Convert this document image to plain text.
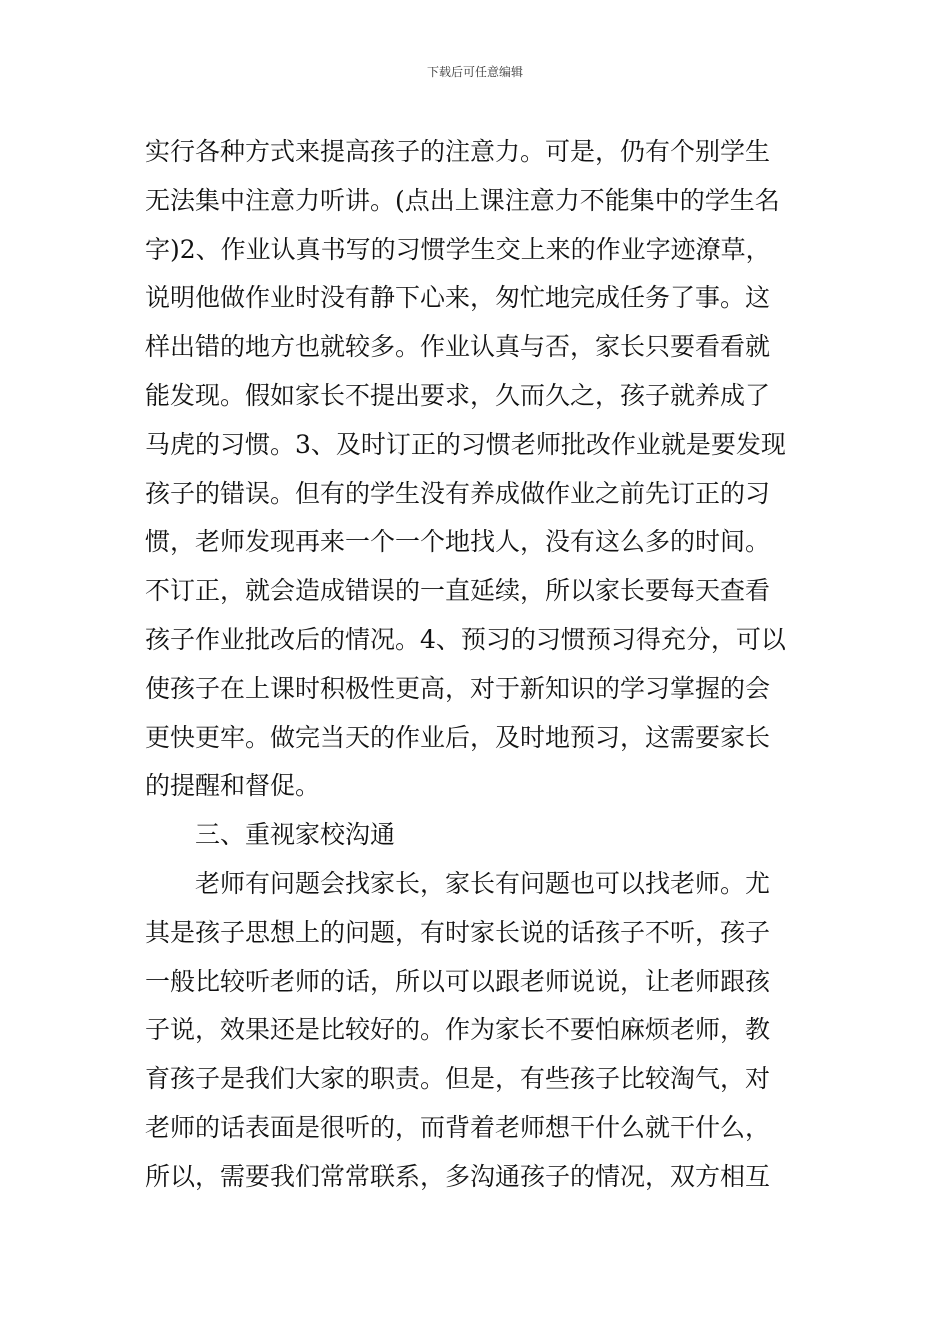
下载后可任意编辑
实行各种方式来提高孩子的注意力。可是，仍有个别学生
无法集中注意力听讲。(点出上课注意力不能集中的学生名
字)2、作业认真书写的习惯学生交上来的作业字迹潦草，
说明他做作业时没有静下心来，匆忙地完成任务了事。这
样出错的地方也就较多。作业认真与否，家长只要看看就
能发现。假如家长不提出要求，久而久之，孩子就养成了
马虎的习惯。3、及时订正的习惯老师批改作业就是要发现
孩子的错误。但有的学生没有养成做作业之前先订正的习
惯，老师发现再来一个一个地找人，没有这么多的时间。
不订正，就会造成错误的一直延续，所以家长要每天查看
孩子作业批改后的情况。4、预习的习惯预习得充分，可以
使孩子在上课时积极性更高，对于新知识的学习掌握的会
更快更牢。做完当天的作业后，及时地预习，这需要家长
的提醒和督促。
三、重视家校沟通
老师有问题会找家长，家长有问题也可以找老师。尤
其是孩子思想上的问题，有时家长说的话孩子不听，孩子
一般比较听老师的话，所以可以跟老师说说，让老师跟孩
子说，效果还是比较好的。作为家长不要怕麻烦老师，教
育孩子是我们大家的职责。但是，有些孩子比较淘气，对
老师的话表面是很听的，而背着老师想干什么就干什么，
所以，需要我们常常联系，多沟通孩子的情况，双方相互
